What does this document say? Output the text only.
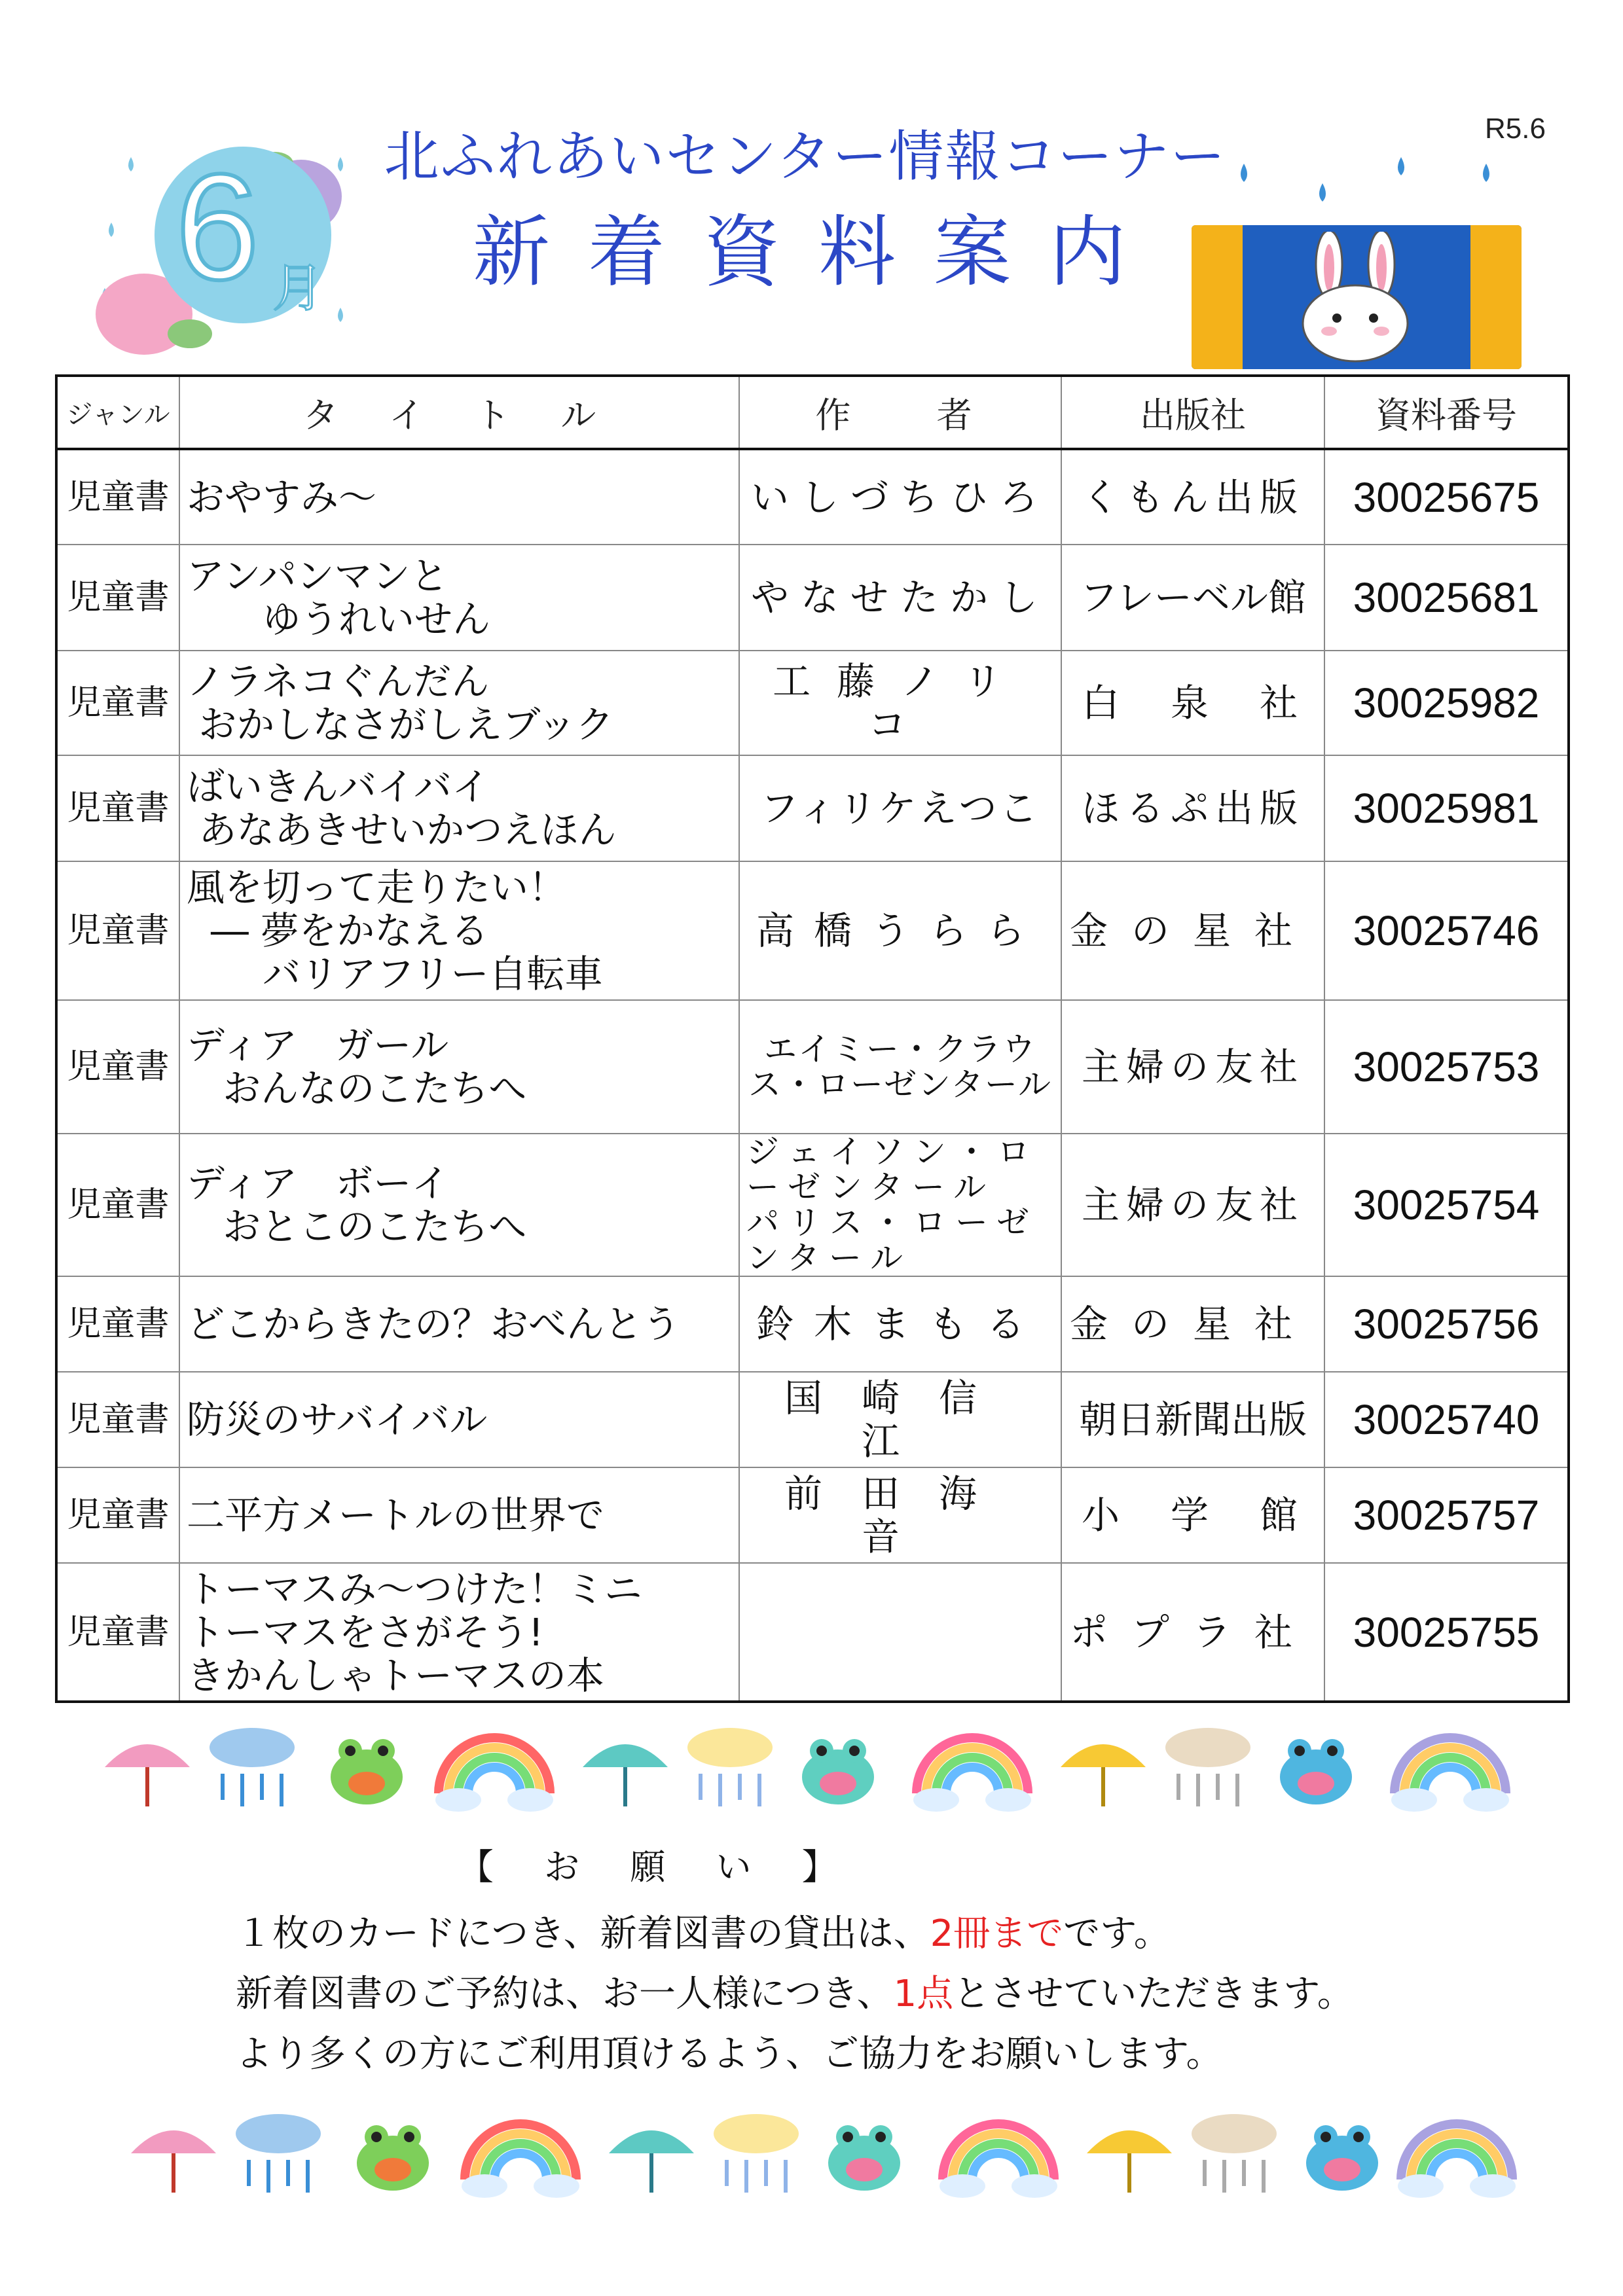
R5.6
北ふれあいセンター情報コーナー
新着資料案内
6 月
ジャンル	タ イ ト ル	作　 者	出版社	資料番号
児童書	おやすみ～	いしづちひろ	くもん出版	30025675
児童書	アンパンマンと
　　ゆうれいせん	やなせたかし	フレーベル館	30025681
児童書	ノラネコぐんだん
おかしなさがしえブック	工藤ノリコ	白　泉　社	30025982
児童書	ばいきんバイバイ
あなあきせいかつえほん	フィリケえつこ	ほるぷ出版	30025981
児童書	風を切って走りたい！
― 夢をかなえる
　　バリアフリー自転車	高橋うらら	金の星社	30025746
児童書	ディア　ガール
おんなのこたちへ	エイミー・クラウス・ローゼンタール	主婦の友社	30025753
児童書	ディア　ボーイ
おとこのこたちへ	ジェイソン・ローゼンタール パリス・ローゼンタール	主婦の友社	30025754
児童書	どこからきたの？おべんとう	鈴木まもる	金の星社	30025756
児童書	防災のサバイバル	国崎信江	朝日新聞出版	30025740
児童書	二平方メートルの世界で	前田海音	小　学　館	30025757
児童書	トーマスみ～つけた！ミニ
トーマスをさがそう!
きかんしゃトーマスの本		ポプラ社	30025755
【 お 願 い 】
１枚のカードにつき、新着図書の貸出は、2冊までです。
新着図書のご予約は、お一人様につき、1点とさせていただきます。
より多くの方にご利用頂けるよう、ご協力をお願いします。
